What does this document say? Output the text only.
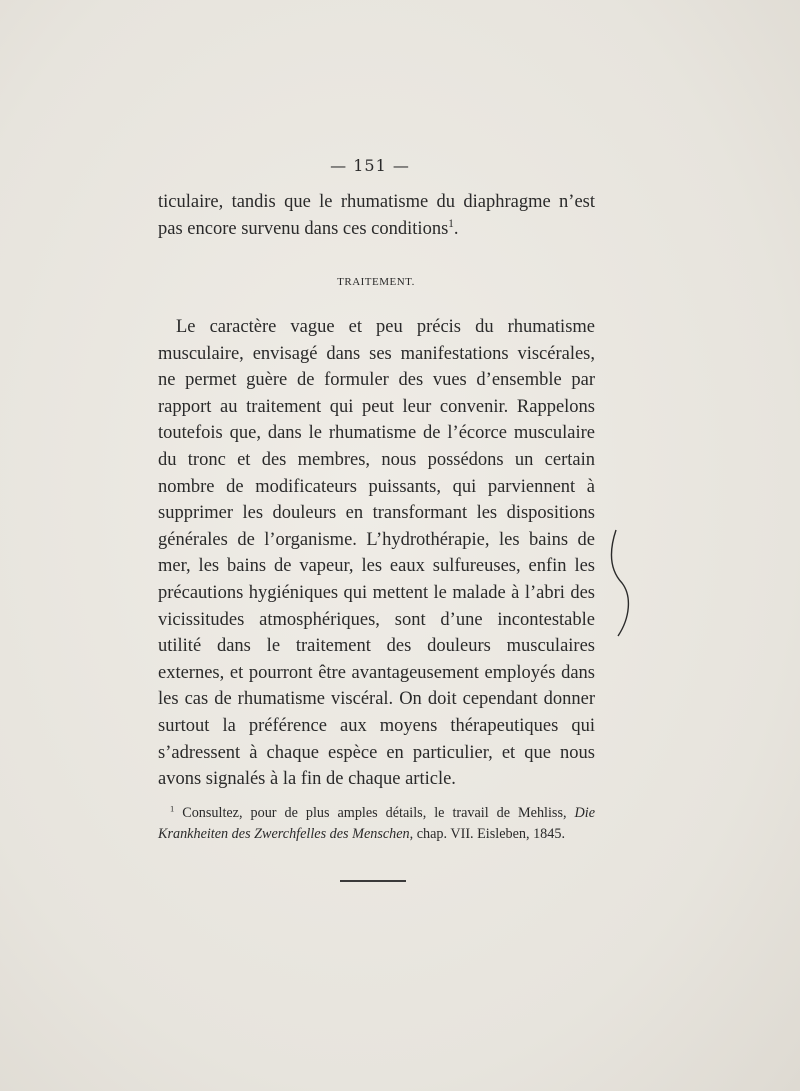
— 151 —

ticulaire, tandis que le rhumatisme du diaphragme n’est pas encore survenu dans ces conditions$^1$.

TRAITEMENT.

Le caractère vague et peu précis du rhumatisme musculaire, envisagé dans ses manifestations viscérales, ne permet guère de formuler des vues d’ensemble par rapport au traitement qui peut leur convenir. Rappelons toutefois que, dans le rhumatisme de l’écorce musculaire du tronc et des membres, nous possédons un certain nombre de modificateurs puissants, qui parviennent à supprimer les douleurs en transformant les dispositions générales de l’organisme. L’hydrothérapie, les bains de mer, les bains de vapeur, les eaux sulfureuses, enfin les précautions hygiéniques qui mettent le malade à l’abri des vicissitudes atmosphériques, sont d’une incontestable utilité dans le traitement des douleurs musculaires externes, et pourront être avantageusement employés dans les cas de rhumatisme viscéral. On doit cependant donner surtout la préférence aux moyens thérapeutiques qui s’adressent à chaque espèce en particulier, et que nous avons signalés à la fin de chaque article.

$^1$ Consultez, pour de plus amples détails, le travail de Mehliss, Die Krankheiten des Zwerchfelles des Menschen, chap. VII. Eisleben, 1845.
